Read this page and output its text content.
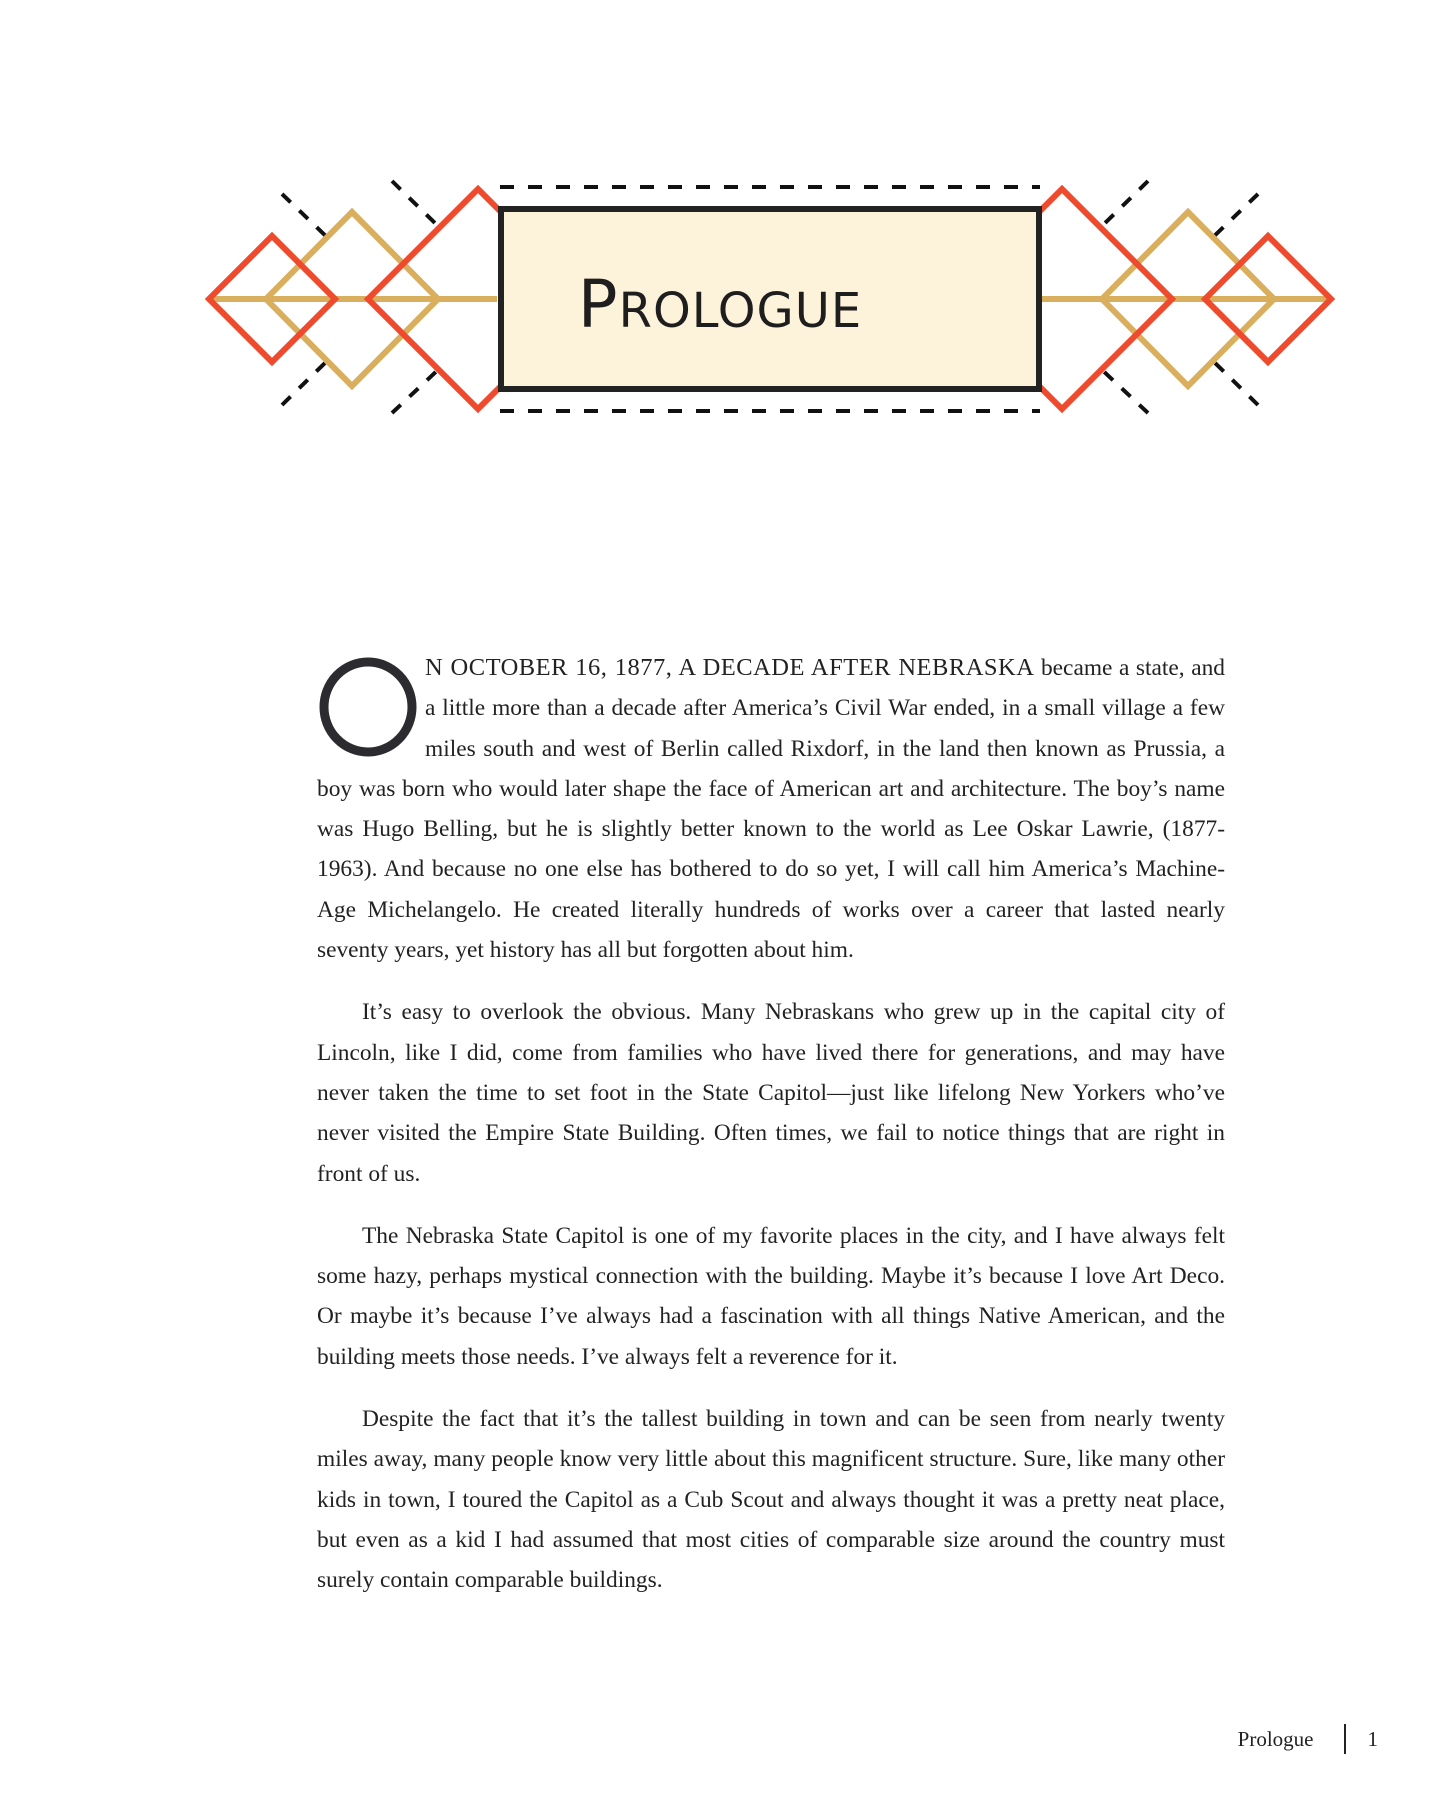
PROLOGUE

N OCTOBER 16, 1877, A DECADE AFTER NEBRASKA became a state, and a little more than a decade after America’s Civil War ended, in a small village a few miles south and west of Berlin called Rixdorf, in the land then known as Prussia, a boy was born who would later shape the face of American art and architecture. The boy’s name was Hugo Belling, but he is slightly better known to the world as Lee Oskar Lawrie, (1877-1963). And because no one else has bothered to do so yet, I will call him America’s Machine-Age Michelangelo. He created literally hundreds of works over a career that lasted nearly seventy years, yet history has all but forgotten about him.

It’s easy to overlook the obvious. Many Nebraskans who grew up in the capital city of Lincoln, like I did, come from families who have lived there for generations, and may have never taken the time to set foot in the State Capitol—just like lifelong New Yorkers who’ve never visited the Empire State Building. Often times, we fail to notice things that are right in front of us.

The Nebraska State Capitol is one of my favorite places in the city, and I have always felt some hazy, perhaps mystical connection with the building. Maybe it’s because I love Art Deco. Or maybe it’s because I’ve always had a fascination with all things Native American, and the building meets those needs. I’ve always felt a reverence for it.

Despite the fact that it’s the tallest building in town and can be seen from nearly twenty miles away, many people know very little about this magnificent structure. Sure, like many other kids in town, I toured the Capitol as a Cub Scout and always thought it was a pretty neat place, but even as a kid I had assumed that most cities of comparable size around the country must surely contain comparable buildings.

Prologue	1
